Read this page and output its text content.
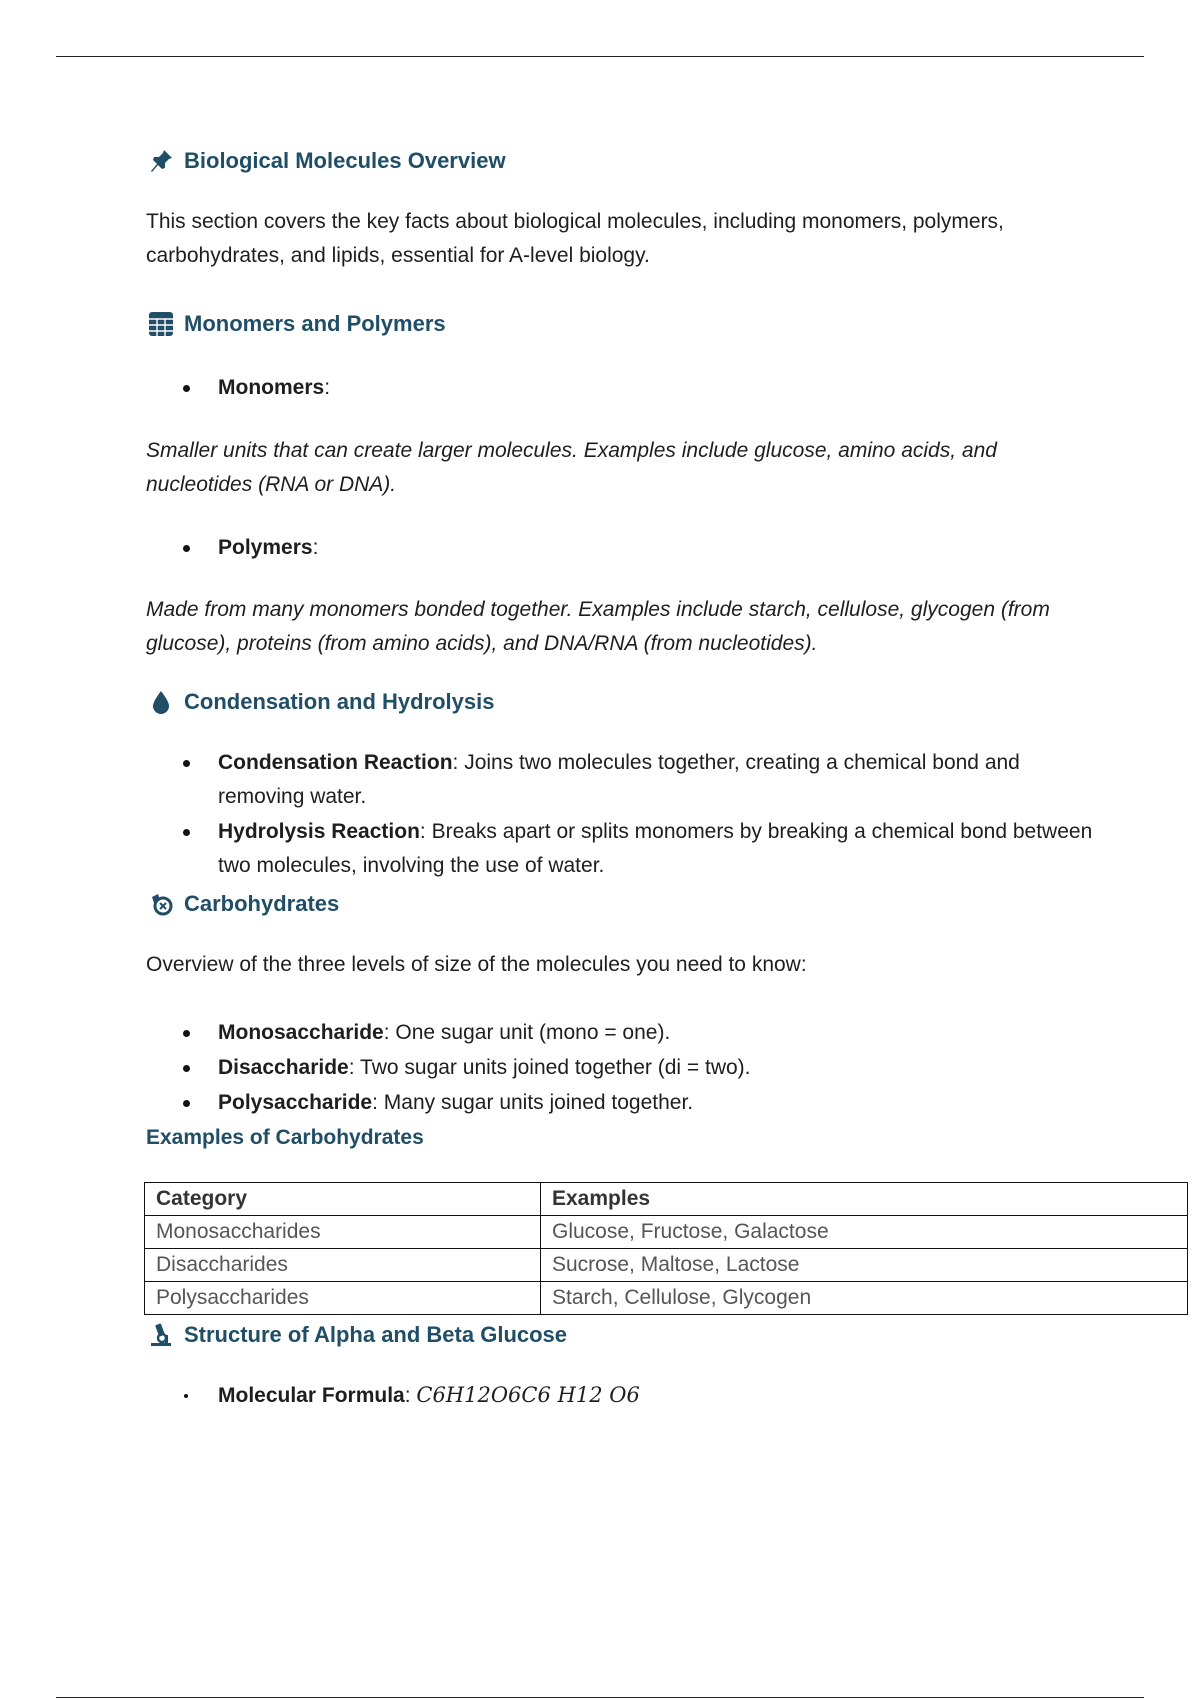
Biological Molecules Overview
This section covers the key facts about biological molecules, including monomers, polymers, carbohydrates, and lipids, essential for A-level biology.
Monomers and Polymers
Monomers:
Smaller units that can create larger molecules. Examples include glucose, amino acids, and nucleotides (RNA or DNA).
Polymers:
Made from many monomers bonded together. Examples include starch, cellulose, glycogen (from glucose), proteins (from amino acids), and DNA/RNA (from nucleotides).
Condensation and Hydrolysis
Condensation Reaction: Joins two molecules together, creating a chemical bond and removing water.
Hydrolysis Reaction: Breaks apart or splits monomers by breaking a chemical bond between two molecules, involving the use of water.
Carbohydrates
Overview of the three levels of size of the molecules you need to know:
Monosaccharide: One sugar unit (mono = one).
Disaccharide: Two sugar units joined together (di = two).
Polysaccharide: Many sugar units joined together.
Examples of Carbohydrates
Category	Examples
Monosaccharides	Glucose, Fructose, Galactose
Disaccharides	Sucrose, Maltose, Lactose
Polysaccharides	Starch, Cellulose, Glycogen
Structure of Alpha and Beta Glucose
Molecular Formula: C6H12O6C6 H12 O6
